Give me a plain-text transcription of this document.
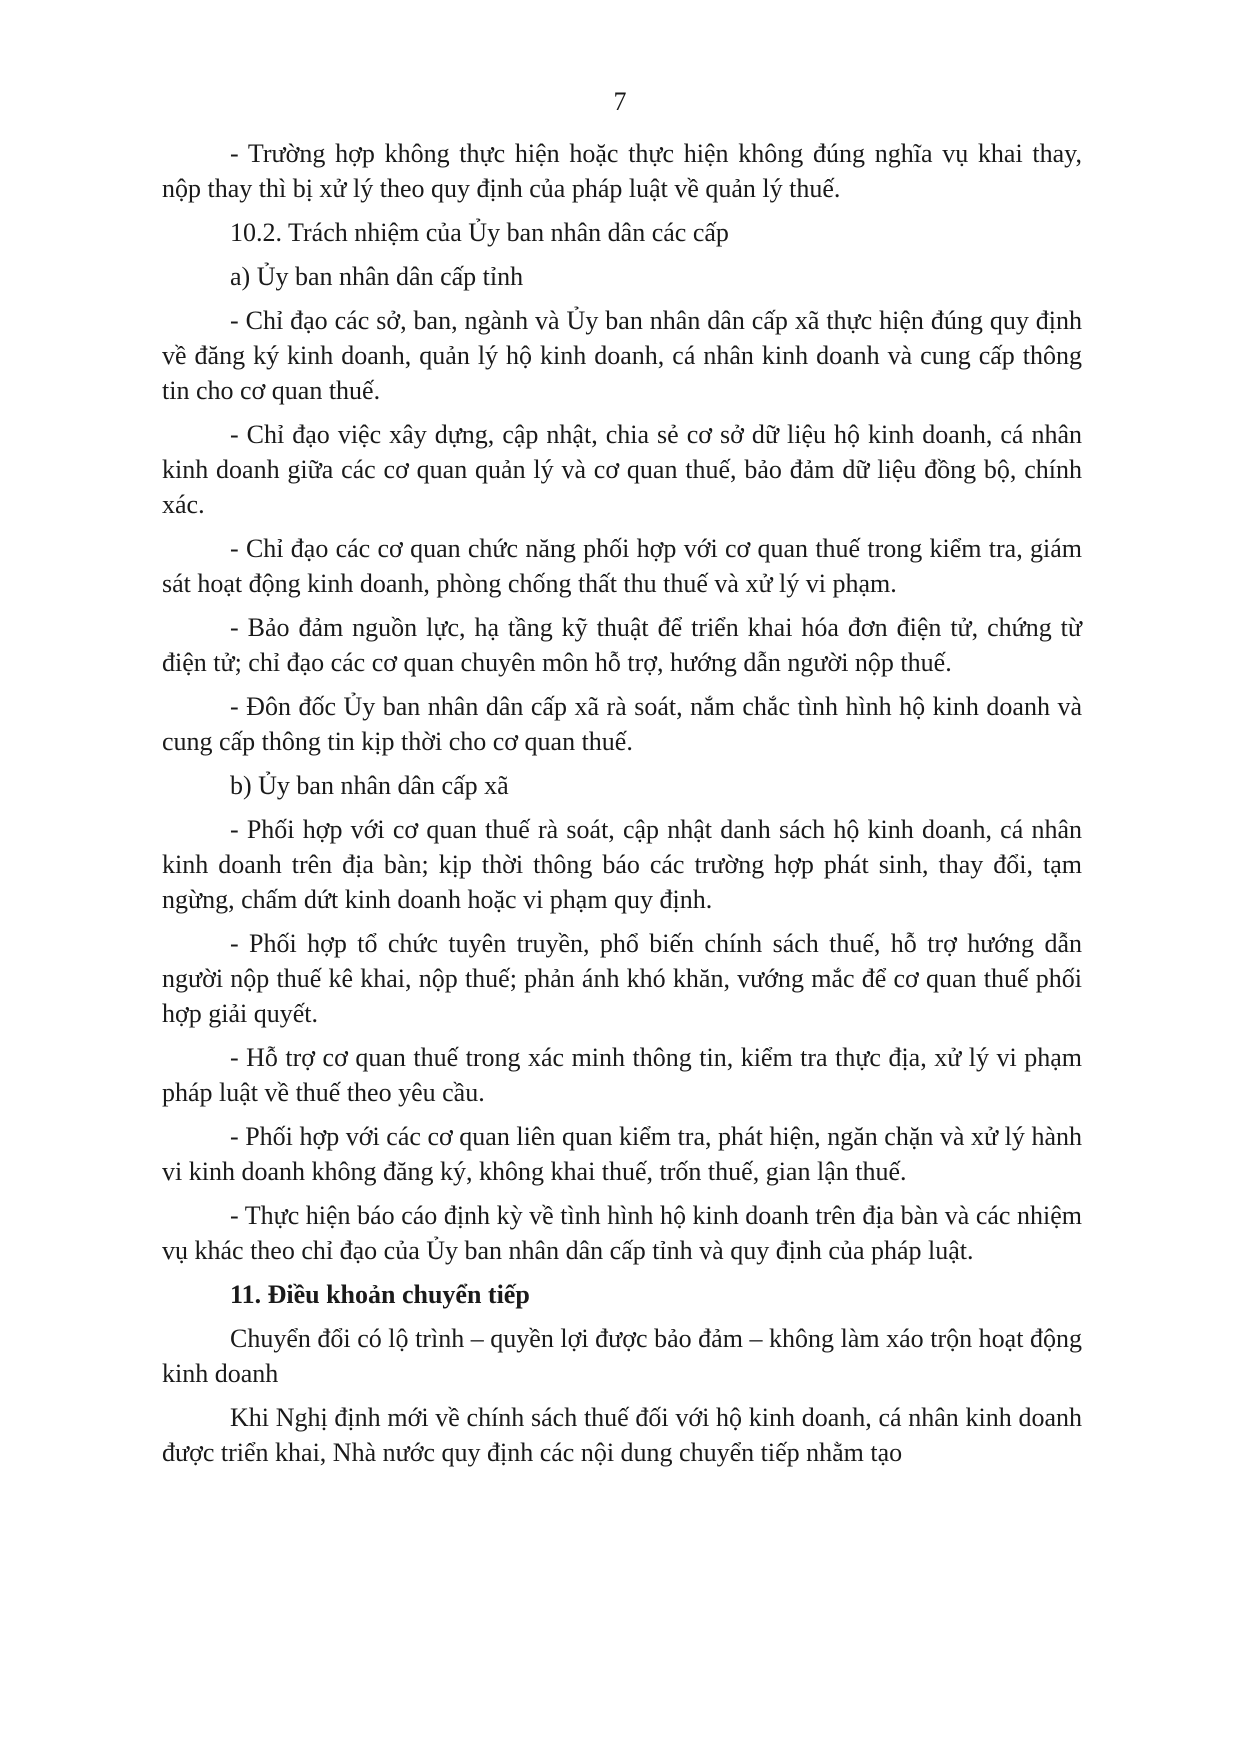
7

- Trường hợp không thực hiện hoặc thực hiện không đúng nghĩa vụ khai thay, nộp thay thì bị xử lý theo quy định của pháp luật về quản lý thuế.

10.2. Trách nhiệm của Ủy ban nhân dân các cấp

a) Ủy ban nhân dân cấp tỉnh

- Chỉ đạo các sở, ban, ngành và Ủy ban nhân dân cấp xã thực hiện đúng quy định về đăng ký kinh doanh, quản lý hộ kinh doanh, cá nhân kinh doanh và cung cấp thông tin cho cơ quan thuế.

- Chỉ đạo việc xây dựng, cập nhật, chia sẻ cơ sở dữ liệu hộ kinh doanh, cá nhân kinh doanh giữa các cơ quan quản lý và cơ quan thuế, bảo đảm dữ liệu đồng bộ, chính xác.

- Chỉ đạo các cơ quan chức năng phối hợp với cơ quan thuế trong kiểm tra, giám sát hoạt động kinh doanh, phòng chống thất thu thuế và xử lý vi phạm.

- Bảo đảm nguồn lực, hạ tầng kỹ thuật để triển khai hóa đơn điện tử, chứng từ điện tử; chỉ đạo các cơ quan chuyên môn hỗ trợ, hướng dẫn người nộp thuế.

- Đôn đốc Ủy ban nhân dân cấp xã rà soát, nắm chắc tình hình hộ kinh doanh và cung cấp thông tin kịp thời cho cơ quan thuế.

b) Ủy ban nhân dân cấp xã

- Phối hợp với cơ quan thuế rà soát, cập nhật danh sách hộ kinh doanh, cá nhân kinh doanh trên địa bàn; kịp thời thông báo các trường hợp phát sinh, thay đổi, tạm ngừng, chấm dứt kinh doanh hoặc vi phạm quy định.

- Phối hợp tổ chức tuyên truyền, phổ biến chính sách thuế, hỗ trợ hướng dẫn người nộp thuế kê khai, nộp thuế; phản ánh khó khăn, vướng mắc để cơ quan thuế phối hợp giải quyết.

- Hỗ trợ cơ quan thuế trong xác minh thông tin, kiểm tra thực địa, xử lý vi phạm pháp luật về thuế theo yêu cầu.

- Phối hợp với các cơ quan liên quan kiểm tra, phát hiện, ngăn chặn và xử lý hành vi kinh doanh không đăng ký, không khai thuế, trốn thuế, gian lận thuế.

- Thực hiện báo cáo định kỳ về tình hình hộ kinh doanh trên địa bàn và các nhiệm vụ khác theo chỉ đạo của Ủy ban nhân dân cấp tỉnh và quy định của pháp luật.

11. Điều khoản chuyển tiếp

Chuyển đổi có lộ trình – quyền lợi được bảo đảm – không làm xáo trộn hoạt động kinh doanh

Khi Nghị định mới về chính sách thuế đối với hộ kinh doanh, cá nhân kinh doanh được triển khai, Nhà nước quy định các nội dung chuyển tiếp nhằm tạo
